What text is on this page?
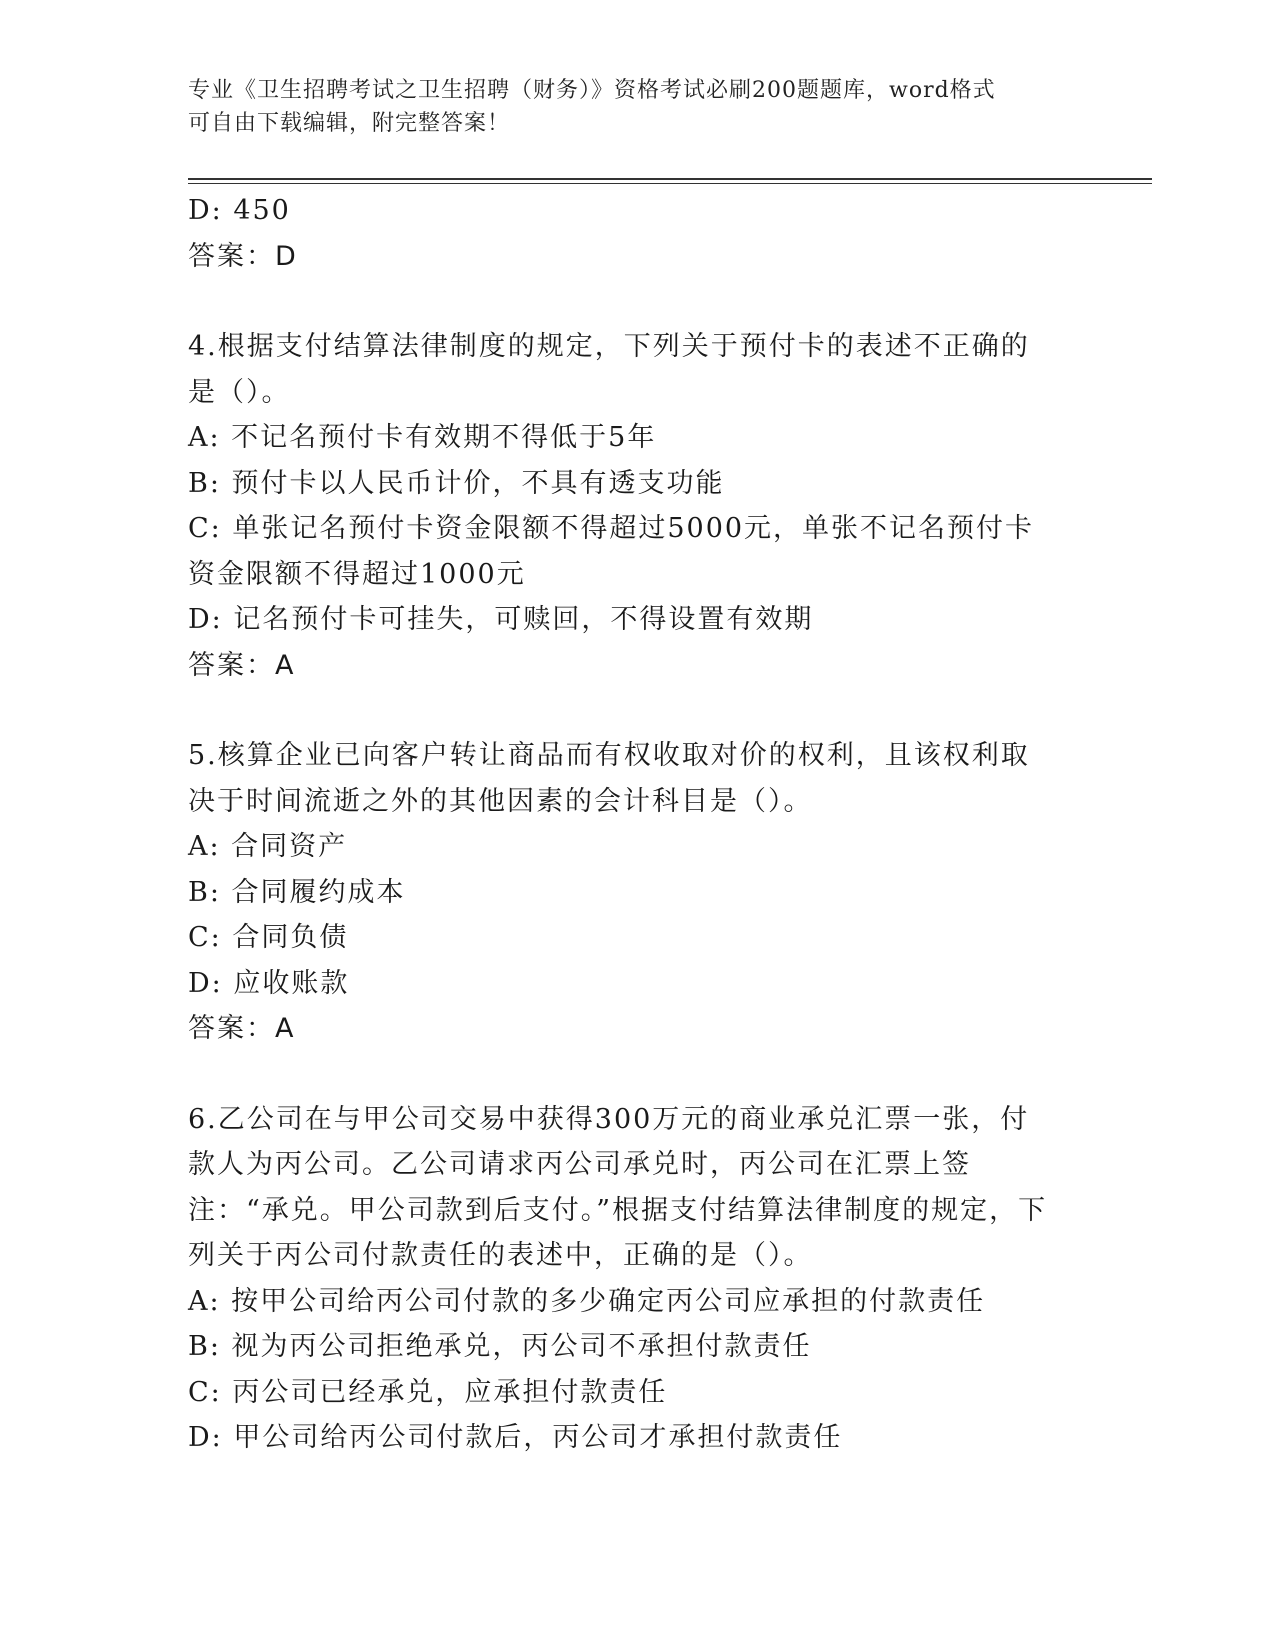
专业《卫生招聘考试之卫生招聘（财务）》资格考试必刷200题题库，word格式
可自由下载编辑，附完整答案！
D: 450
答案：D
4.根据支付结算法律制度的规定，下列关于预付卡的表述不正确的是（）。
A: 不记名预付卡有效期不得低于5年
B: 预付卡以人民币计价，不具有透支功能
C: 单张记名预付卡资金限额不得超过5000元，单张不记名预付卡资金限额不得超过1000元
D: 记名预付卡可挂失，可赎回，不得设置有效期
答案：A
5.核算企业已向客户转让商品而有权收取对价的权利，且该权利取决于时间流逝之外的其他因素的会计科目是（）。
A: 合同资产
B: 合同履约成本
C: 合同负债
D: 应收账款
答案：A
6.乙公司在与甲公司交易中获得300万元的商业承兑汇票一张，付款人为丙公司。乙公司请求丙公司承兑时，丙公司在汇票上签注：“承兑。甲公司款到后支付。”根据支付结算法律制度的规定，下列关于丙公司付款责任的表述中，正确的是（）。
A: 按甲公司给丙公司付款的多少确定丙公司应承担的付款责任
B: 视为丙公司拒绝承兑，丙公司不承担付款责任
C: 丙公司已经承兑，应承担付款责任
D: 甲公司给丙公司付款后，丙公司才承担付款责任
